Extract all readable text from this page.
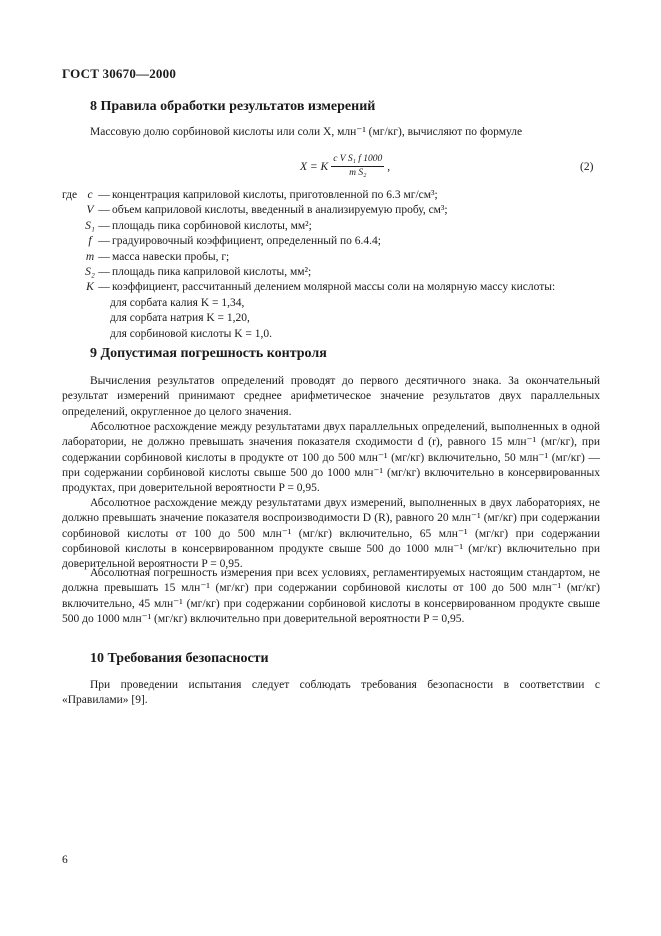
ГОСТ 30670—2000
8 Правила обработки результатов измерений
Массовую долю сорбиновой кислоты или соли X, млн⁻¹ (мг/кг), вычисляют по формуле
X = K $\frac{\text{c V S₁ f 1000}}{\text{m S₂}}$ ,	(2)
где c — концентрация каприловой кислоты, приготовленной по 6.3 мг/см³;
V — объем каприловой кислоты, введенный в анализируемую пробу, см³;
S₁ — площадь пика сорбиновой кислоты, мм²;
f — градуировочный коэффициент, определенный по 6.4.4;
m — масса навески пробы, г;
S₂ — площадь пика каприловой кислоты, мм²;
K — коэффициент, рассчитанный делением молярной массы соли на молярную массу кислоты:
для сорбата калия K = 1,34,
для сорбата натрия K = 1,20,
для сорбиновой кислоты K = 1,0.
9 Допустимая погрешность контроля
Вычисления результатов определений проводят до первого десятичного знака. За окончательный результат измерений принимают среднее арифметическое значение результатов двух параллельных определений, округленное до целого значения.
Абсолютное расхождение между результатами двух параллельных определений, выполненных в одной лаборатории, не должно превышать значения показателя сходимости d (r), равного 15 млн⁻¹ (мг/кг), при содержании сорбиновой кислоты в продукте от 100 до 500 млн⁻¹ (мг/кг) включительно, 50 млн⁻¹ (мг/кг) — при содержании сорбиновой кислоты свыше 500 до 1000 млн⁻¹ (мг/кг) включительно в консервированных продуктах, при доверительной вероятности P = 0,95.
Абсолютное расхождение между результатами двух измерений, выполненных в двух лабораториях, не должно превышать значение показателя воспроизводимости D (R), равного 20 млн⁻¹ (мг/кг) при содержании сорбиновой кислоты от 100 до 500 млн⁻¹ (мг/кг) включительно, 65 млн⁻¹ (мг/кг) при содержании сорбиновой кислоты в консервированном продукте свыше 500 до 1000 млн⁻¹ (мг/кг) включительно при доверительной вероятности P = 0,95.
Абсолютная погрешность измерения при всех условиях, регламентируемых настоящим стандартом, не должна превышать 15 млн⁻¹ (мг/кг) при содержании сорбиновой кислоты от 100 до 500 млн⁻¹ (мг/кг) включительно, 45 млн⁻¹ (мг/кг) при содержании сорбиновой кислоты в консервированном продукте свыше 500 до 1000 млн⁻¹ (мг/кг) включительно при доверительной вероятности P = 0,95.
10 Требования безопасности
При проведении испытания следует соблюдать требования безопасности в соответствии с «Правилами» [9].
6
